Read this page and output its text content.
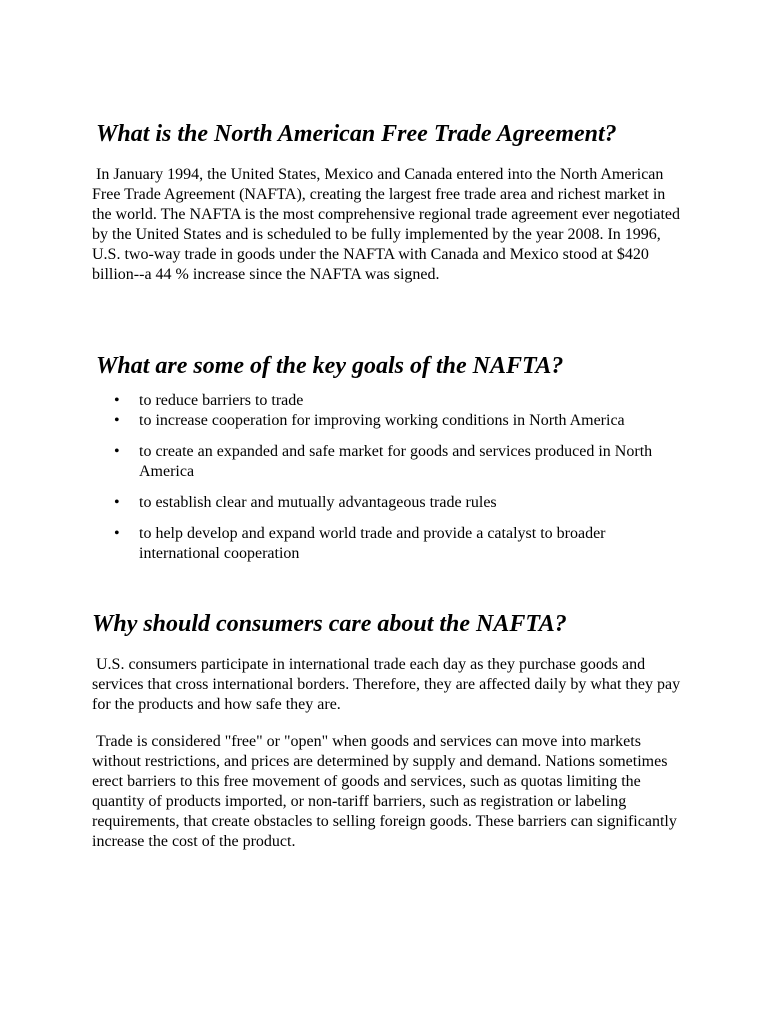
What is the North American Free Trade Agreement?

In January 1994, the United States, Mexico and Canada entered into the North American Free Trade Agreement (NAFTA), creating the largest free trade area and richest market in the world. The NAFTA is the most comprehensive regional trade agreement ever negotiated by the United States and is scheduled to be fully implemented by the year 2008. In 1996, U.S. two-way trade in goods under the NAFTA with Canada and Mexico stood at $420 billion--a 44 % increase since the NAFTA was signed.

What are some of the key goals of the NAFTA?
• to reduce barriers to trade
• to increase cooperation for improving working conditions in North America
• to create an expanded and safe market for goods and services produced in North America
• to establish clear and mutually advantageous trade rules
• to help develop and expand world trade and provide a catalyst to broader international cooperation
Why should consumers care about the NAFTA?

U.S. consumers participate in international trade each day as they purchase goods and services that cross international borders. Therefore, they are affected daily by what they pay for the products and how safe they are.

Trade is considered "free" or "open" when goods and services can move into markets without restrictions, and prices are determined by supply and demand. Nations sometimes erect barriers to this free movement of goods and services, such as quotas limiting the quantity of products imported, or non-tariff barriers, such as registration or labeling requirements, that create obstacles to selling foreign goods. These barriers can significantly increase the cost of the product.
